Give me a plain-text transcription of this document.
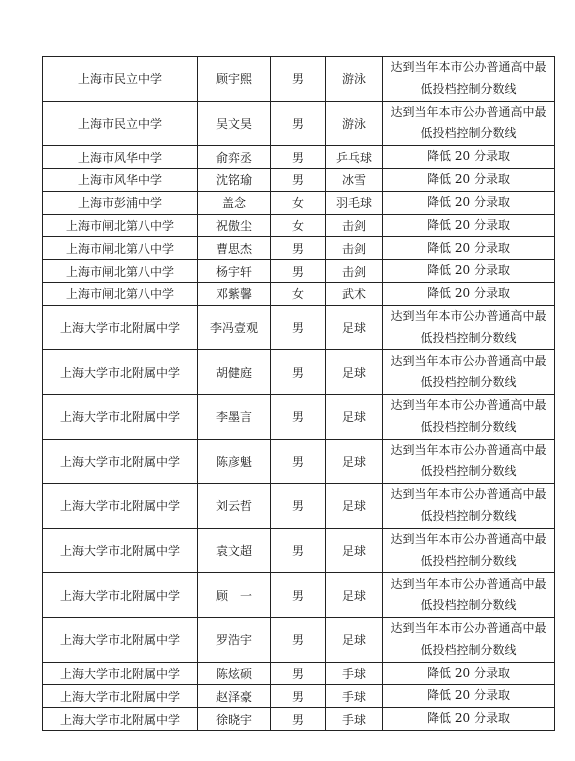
上海市民立中学	顾宇熙	男	游泳	达到当年本市公办普通高中最低投档控制分数线
上海市民立中学	吴文昊	男	游泳	达到当年本市公办普通高中最低投档控制分数线
上海市风华中学	俞弈丞	男	乒乓球	降低 20 分录取
上海市风华中学	沈铭瑜	男	冰雪	降低 20 分录取
上海市彭浦中学	盖念	女	羽毛球	降低 20 分录取
上海市闸北第八中学	祝傲尘	女	击剑	降低 20 分录取
上海市闸北第八中学	曹思杰	男	击剑	降低 20 分录取
上海市闸北第八中学	杨宇轩	男	击剑	降低 20 分录取
上海市闸北第八中学	邓紫馨	女	武术	降低 20 分录取
上海大学市北附属中学	李冯壹观	男	足球	达到当年本市公办普通高中最低投档控制分数线
上海大学市北附属中学	胡健庭	男	足球	达到当年本市公办普通高中最低投档控制分数线
上海大学市北附属中学	李墨言	男	足球	达到当年本市公办普通高中最低投档控制分数线
上海大学市北附属中学	陈彦魁	男	足球	达到当年本市公办普通高中最低投档控制分数线
上海大学市北附属中学	刘云哲	男	足球	达到当年本市公办普通高中最低投档控制分数线
上海大学市北附属中学	袁文超	男	足球	达到当年本市公办普通高中最低投档控制分数线
上海大学市北附属中学	顾　一	男	足球	达到当年本市公办普通高中最低投档控制分数线
上海大学市北附属中学	罗浩宇	男	足球	达到当年本市公办普通高中最低投档控制分数线
上海大学市北附属中学	陈炫硕	男	手球	降低 20 分录取
上海大学市北附属中学	赵泽豪	男	手球	降低 20 分录取
上海大学市北附属中学	徐晓宇	男	手球	降低 20 分录取
